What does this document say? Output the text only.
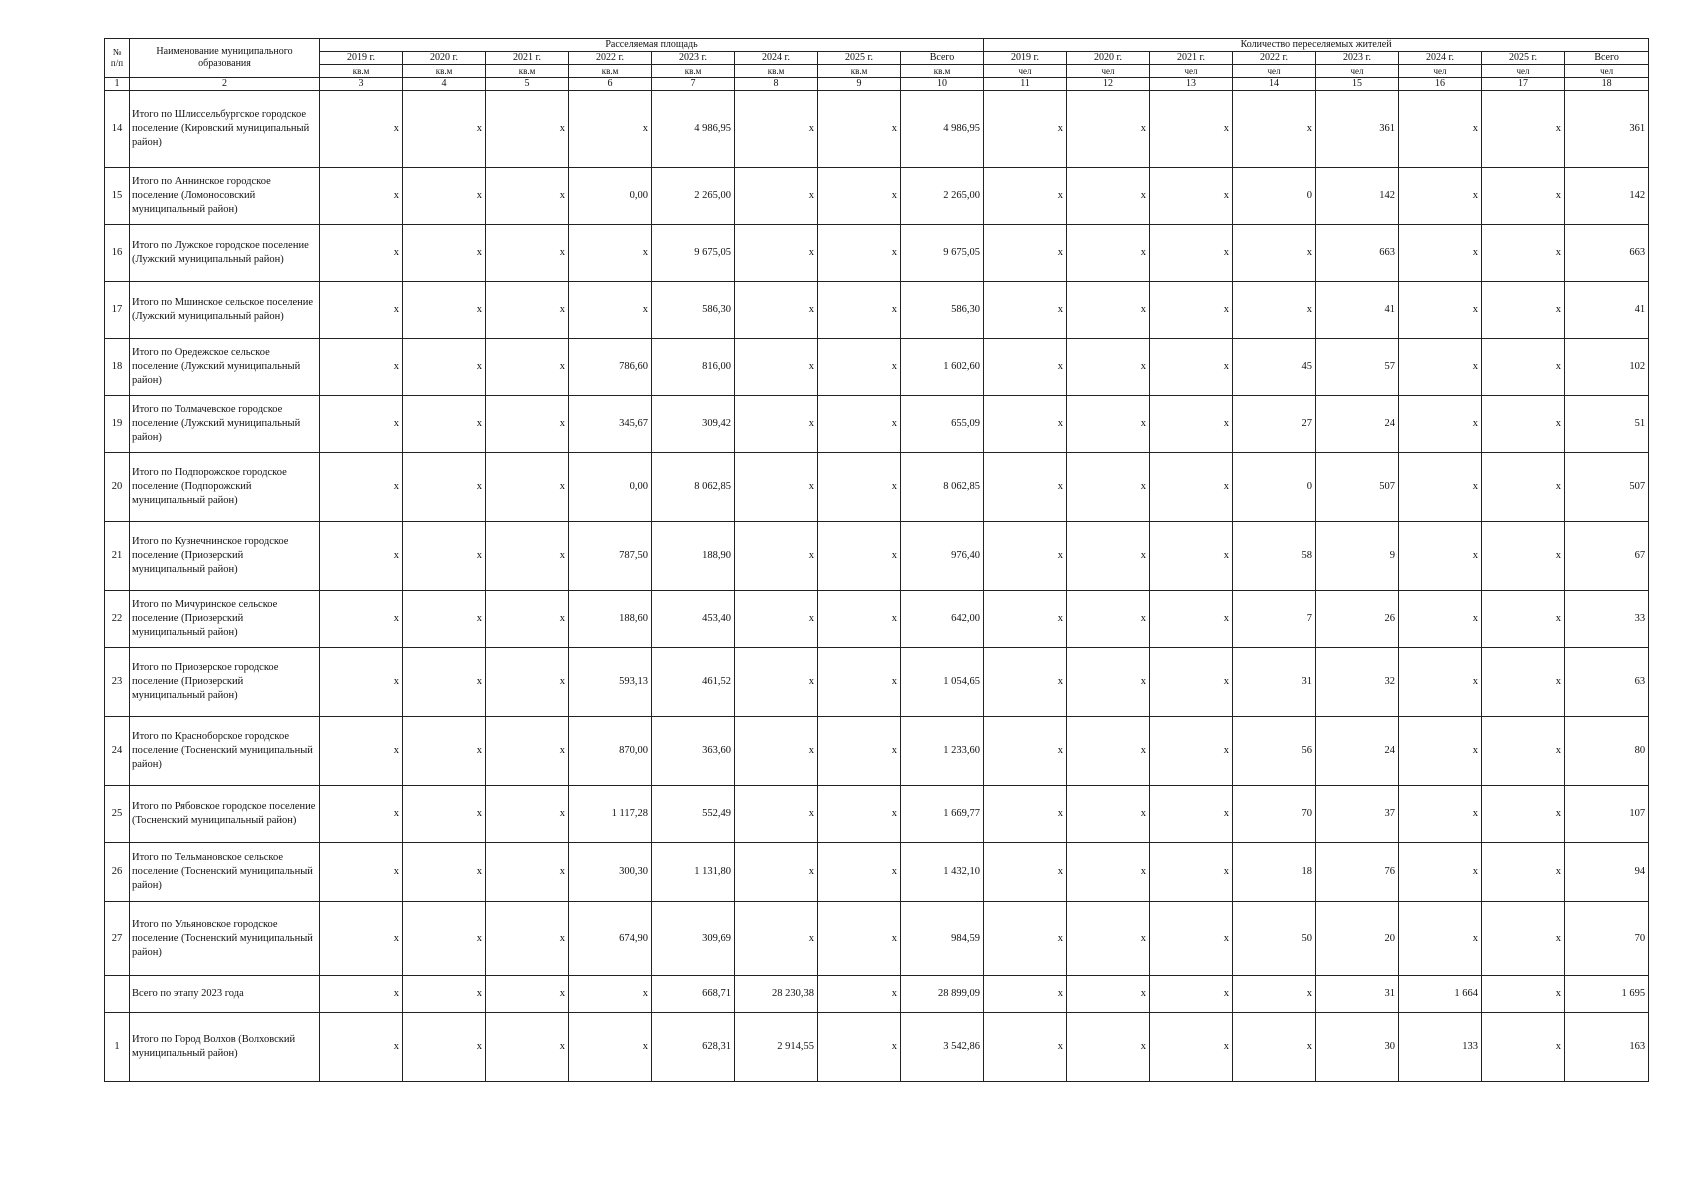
№ п/п	Наименование муниципального образования	Расселяемая площадь								Количество переселяемых жителей							
		2019 г.	2020 г.	2021 г.	2022 г.	2023 г.	2024 г.	2025 г.	Всего	2019 г.	2020 г.	2021 г.	2022 г.	2023 г.	2024 г.	2025 г.	Всего
		кв.м	кв.м	кв.м	кв.м	кв.м	кв.м	кв.м	кв.м	чел	чел	чел	чел	чел	чел	чел	чел
1	2	3	4	5	6	7	8	9	10	11	12	13	14	15	16	17	18
14	Итого по Шлиссельбургское городское поселение (Кировский муниципальный район)	x	x	x	x	4 986,95	x	x	4 986,95	x	x	x	x	361	x	x	361
15	Итого по Аннинское городское поселение (Ломоносовский муниципальный район)	x	x	x	0,00	2 265,00	x	x	2 265,00	x	x	x	0	142	x	x	142
16	Итого по Лужское городское поселение (Лужский муниципальный район)	x	x	x	x	9 675,05	x	x	9 675,05	x	x	x	x	663	x	x	663
17	Итого по Мшинское сельское поселение (Лужский муниципальный район)	x	x	x	x	586,30	x	x	586,30	x	x	x	x	41	x	x	41
18	Итого по Оредежское сельское поселение (Лужский муниципальный район)	x	x	x	786,60	816,00	x	x	1 602,60	x	x	x	45	57	x	x	102
19	Итого по Толмачевское городское поселение (Лужский муниципальный район)	x	x	x	345,67	309,42	x	x	655,09	x	x	x	27	24	x	x	51
20	Итого по Подпорожское городское поселение (Подпорожский муниципальный район)	x	x	x	0,00	8 062,85	x	x	8 062,85	x	x	x	0	507	x	x	507
21	Итого по Кузнечнинское городское поселение (Приозерский муниципальный район)	x	x	x	787,50	188,90	x	x	976,40	x	x	x	58	9	x	x	67
22	Итого по Мичуринское сельское поселение (Приозерский муниципальный район)	x	x	x	188,60	453,40	x	x	642,00	x	x	x	7	26	x	x	33
23	Итого по Приозерское городское поселение (Приозерский муниципальный район)	x	x	x	593,13	461,52	x	x	1 054,65	x	x	x	31	32	x	x	63
24	Итого по Красноборское городское поселение (Тосненский муниципальный район)	x	x	x	870,00	363,60	x	x	1 233,60	x	x	x	56	24	x	x	80
25	Итого по Рябовское городское поселение (Тосненский муниципальный район)	x	x	x	1 117,28	552,49	x	x	1 669,77	x	x	x	70	37	x	x	107
26	Итого по Тельмановское сельское поселение (Тосненский муниципальный район)	x	x	x	300,30	1 131,80	x	x	1 432,10	x	x	x	18	76	x	x	94
27	Итого по Ульяновское городское поселение (Тосненский муниципальный район)	x	x	x	674,90	309,69	x	x	984,59	x	x	x	50	20	x	x	70
	Всего по этапу 2023 года	x	x	x	x	668,71	28 230,38	x	28 899,09	x	x	x	x	31	1 664	x	1 695
1	Итого по Город Волхов (Волховский муниципальный район)	x	x	x	x	628,31	2 914,55	x	3 542,86	x	x	x	x	30	133	x	163
